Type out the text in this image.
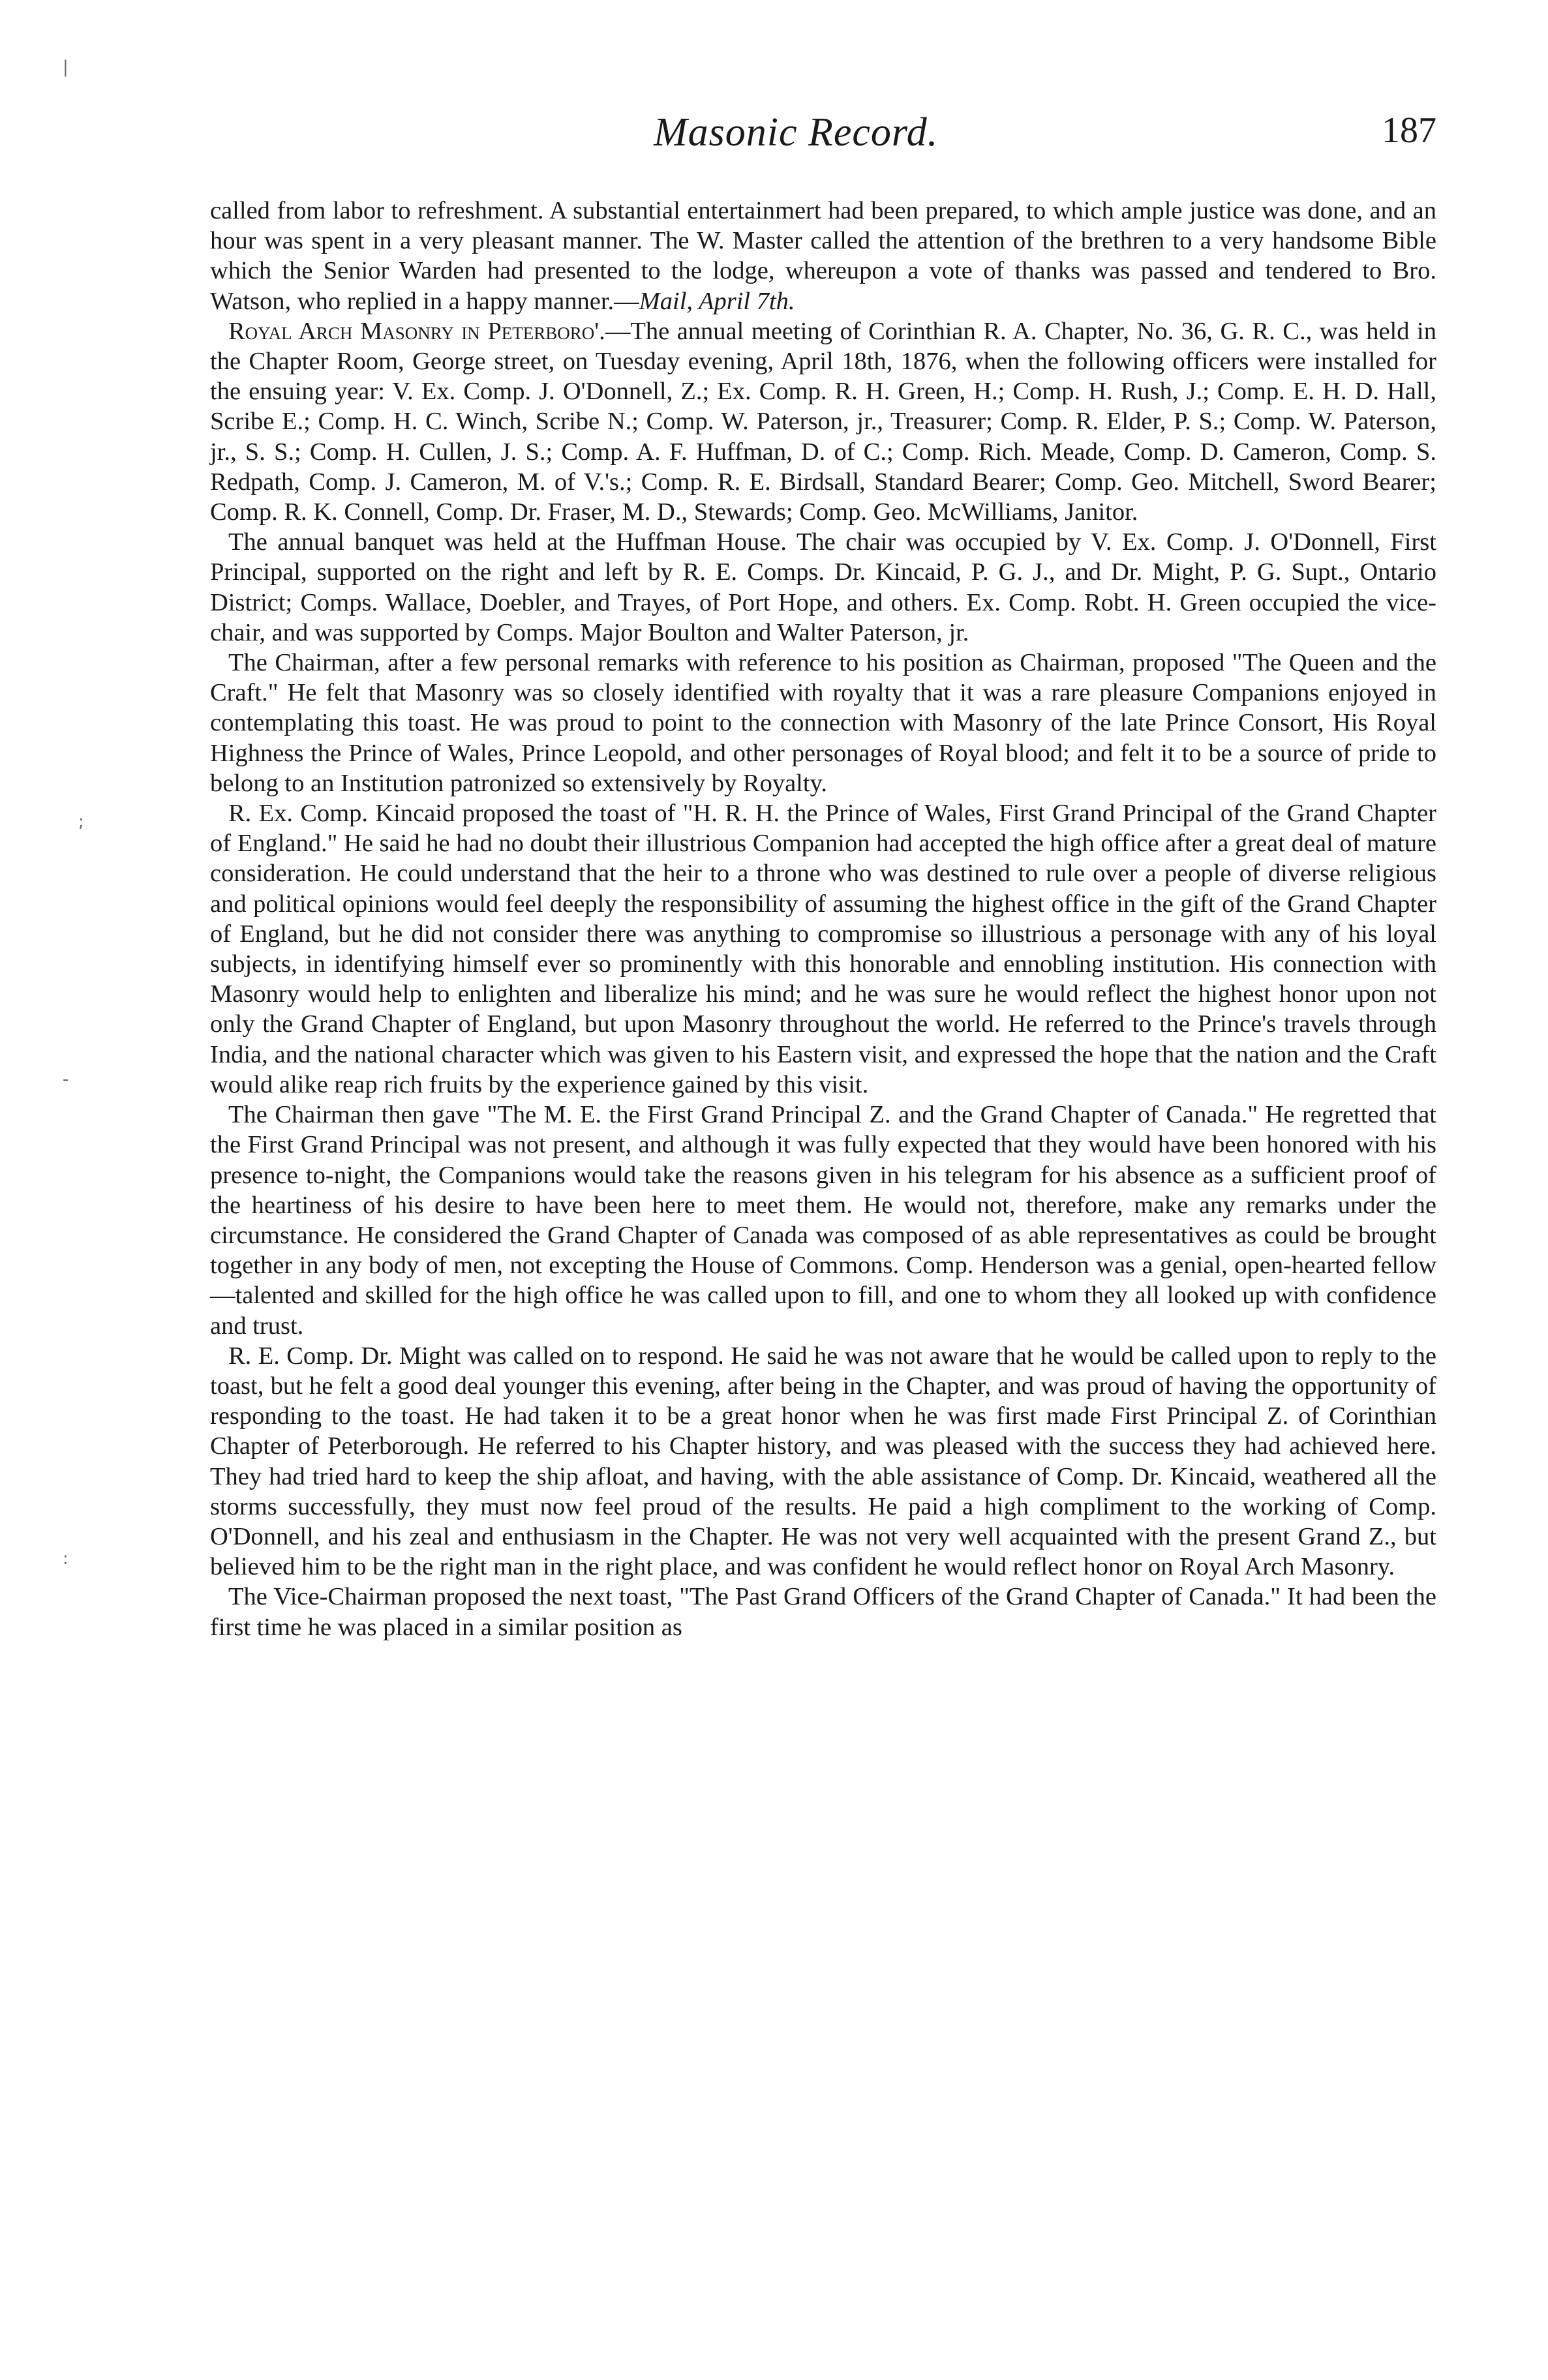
Masonic Record.	187

called from labor to refreshment. A substantial entertainmert had been prepared, to which ample justice was done, and an hour was spent in a very pleasant manner. The W. Master called the attention of the brethren to a very handsome Bible which the Senior Warden had presented to the lodge, whereupon a vote of thanks was passed and tendered to Bro. Watson, who replied in a happy manner.—Mail, April 7th.

Royal Arch Masonry in Peterboro'.—The annual meeting of Corinthian R. A. Chapter, No. 36, G. R. C., was held in the Chapter Room, George street, on Tuesday evening, April 18th, 1876, when the following officers were installed for the ensuing year: V. Ex. Comp. J. O'Donnell, Z.; Ex. Comp. R. H. Green, H.; Comp. H. Rush, J.; Comp. E. H. D. Hall, Scribe E.; Comp. H. C. Winch, Scribe N.; Comp. W. Paterson, jr., Treasurer; Comp. R. Elder, P. S.; Comp. W. Paterson, jr., S. S.; Comp. H. Cullen, J. S.; Comp. A. F. Huffman, D. of C.; Comp. Rich. Meade, Comp. D. Cameron, Comp. S. Redpath, Comp. J. Cameron, M. of V.'s.; Comp. R. E. Birdsall, Standard Bearer; Comp. Geo. Mitchell, Sword Bearer; Comp. R. K. Connell, Comp. Dr. Fraser, M. D., Stewards; Comp. Geo. McWilliams, Janitor.

The annual banquet was held at the Huffman House. The chair was occupied by V. Ex. Comp. J. O'Donnell, First Principal, supported on the right and left by R. E. Comps. Dr. Kincaid, P. G. J., and Dr. Might, P. G. Supt., Ontario District; Comps. Wallace, Doebler, and Trayes, of Port Hope, and others. Ex. Comp. Robt. H. Green occupied the vice-chair, and was supported by Comps. Major Boulton and Walter Paterson, jr.

The Chairman, after a few personal remarks with reference to his position as Chairman, proposed "The Queen and the Craft." He felt that Masonry was so closely identified with royalty that it was a rare pleasure Companions enjoyed in contemplating this toast. He was proud to point to the connection with Masonry of the late Prince Consort, His Royal Highness the Prince of Wales, Prince Leopold, and other personages of Royal blood; and felt it to be a source of pride to belong to an Institution patronized so extensively by Royalty.

R. Ex. Comp. Kincaid proposed the toast of "H. R. H. the Prince of Wales, First Grand Principal of the Grand Chapter of England." He said he had no doubt their illustrious Companion had accepted the high office after a great deal of mature consideration. He could understand that the heir to a throne who was destined to rule over a people of diverse religious and political opinions would feel deeply the responsibility of assuming the highest office in the gift of the Grand Chapter of England, but he did not consider there was anything to compromise so illustrious a personage with any of his loyal subjects, in identifying himself ever so prominently with this honorable and ennobling institution. His connection with Masonry would help to enlighten and liberalize his mind; and he was sure he would reflect the highest honor upon not only the Grand Chapter of England, but upon Masonry throughout the world. He referred to the Prince's travels through India, and the national character which was given to his Eastern visit, and expressed the hope that the nation and the Craft would alike reap rich fruits by the experience gained by this visit.

The Chairman then gave "The M. E. the First Grand Principal Z. and the Grand Chapter of Canada." He regretted that the First Grand Principal was not present, and although it was fully expected that they would have been honored with his presence to-night, the Companions would take the reasons given in his telegram for his absence as a sufficient proof of the heartiness of his desire to have been here to meet them. He would not, therefore, make any remarks under the circumstance. He considered the Grand Chapter of Canada was composed of as able representatives as could be brought together in any body of men, not excepting the House of Commons. Comp. Henderson was a genial, open-hearted fellow—talented and skilled for the high office he was called upon to fill, and one to whom they all looked up with confidence and trust.

R. E. Comp. Dr. Might was called on to respond. He said he was not aware that he would be called upon to reply to the toast, but he felt a good deal younger this evening, after being in the Chapter, and was proud of having the opportunity of responding to the toast. He had taken it to be a great honor when he was first made First Principal Z. of Corinthian Chapter of Peterborough. He referred to his Chapter history, and was pleased with the success they had achieved here. They had tried hard to keep the ship afloat, and having, with the able assistance of Comp. Dr. Kincaid, weathered all the storms successfully, they must now feel proud of the results. He paid a high compliment to the working of Comp. O'Donnell, and his zeal and enthusiasm in the Chapter. He was not very well acquainted with the present Grand Z., but believed him to be the right man in the right place, and was confident he would reflect honor on Royal Arch Masonry.

The Vice-Chairman proposed the next toast, "The Past Grand Officers of the Grand Chapter of Canada." It had been the first time he was placed in a similar position as

|
;
-
:
